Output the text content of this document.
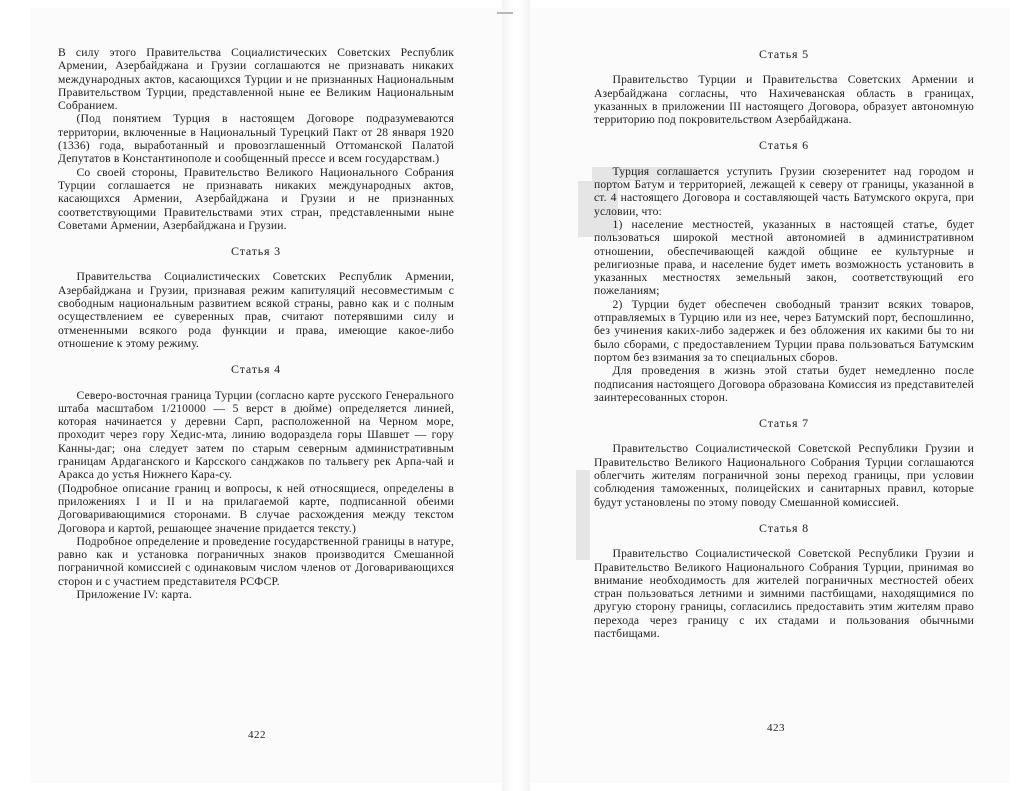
В силу этого Правительства Социалистических Советских Республик Армении, Азербайджана и Грузии соглашаются не признавать никаких международных актов, касающихся Турции и не признанных Национальным Правительством Турции, представленной ныне ее Великим Национальным Собранием.

(Под понятием Турция в настоящем Договоре подразумеваются территории, включенные в Национальный Турецкий Пакт от 28 января 1920 (1336) года, выработанный и провозглашенный Оттоманской Палатой Депутатов в Константинополе и сообщенный прессе и всем государствам.)

Со своей стороны, Правительство Великого Национального Собрания Турции соглашается не признавать никаких международных актов, касающихся Армении, Азербайджана и Грузии и не признанных соответствующими Правительствами этих стран, представленными ныне Советами Армении, Азербайджана и Грузии.

Статья 3

Правительства Социалистических Советских Республик Армении, Азербайджана и Грузии, признавая режим капитуляций несовместимым с свободным национальным развитием всякой страны, равно как и с полным осуществлением ее суверенных прав, считают потерявшими силу и отмененными всякого рода функции и права, имеющие какое-либо отношение к этому режиму.

Статья 4

Северо-восточная граница Турции (согласно карте русского Генерального штаба масштабом 1/210000 — 5 верст в дюйме) определяется линией, которая начинается у деревни Сарп, расположенной на Черном море, проходит через гору Хедис-мта, линию водораздела горы Шавшет — гору Канны-даг; она следует затем по старым северным административным границам Ардаганского и Карсского санджаков по тальвегу рек Арпа-чай и Аракса до устья Нижнего Кара-су.

(Подробное описание границ и вопросы, к ней относящиеся, определены в приложениях I и II и на прилагаемой карте, подписанной обеими Договаривающимися сторонами. В случае расхождения между текстом Договора и картой, решающее значение придается тексту.)

Подробное определение и проведение государственной границы в натуре, равно как и установка пограничных знаков производится Смешанной пограничной комиссией с одинаковым числом членов от Договаривающихся сторон и с участием представителя РСФСР.

Приложение IV: карта.

422

Статья 5

Правительство Турции и Правительства Советских Армении и Азербайджана согласны, что Нахичеванская область в границах, указанных в приложении III настоящего Договора, образует автономную территорию под покровительством Азербайджана.

Статья 6

Турция соглашается уступить Грузии сюзеренитет над городом и портом Батум и территорией, лежащей к северу от границы, указанной в ст. 4 настоящего Договора и составляющей часть Батумского округа, при условии, что:

1) население местностей, указанных в настоящей статье, будет пользоваться широкой местной автономией в административном отношении, обеспечивающей каждой общине ее культурные и религиозные права, и население будет иметь возможность установить в указанных местностях земельный закон, соответствующий его пожеланиям;

2) Турции будет обеспечен свободный транзит всяких товаров, отправляемых в Турцию или из нее, через Батумский порт, беспошлинно, без учинения каких-либо задержек и без обложения их какими бы то ни было сборами, с предоставлением Турции права пользоваться Батумским портом без взимания за то специальных сборов.

Для проведения в жизнь этой статьи будет немедленно после подписания настоящего Договора образована Комиссия из представителей заинтересованных сторон.

Статья 7

Правительство Социалистической Советской Республики Грузии и Правительство Великого Национального Собрания Турции соглашаются облегчить жителям пограничной зоны переход границы, при условии соблюдения таможенных, полицейских и санитарных правил, которые будут установлены по этому поводу Смешанной комиссией.

Статья 8

Правительство Социалистической Советской Республики Грузии и Правительство Великого Национального Собрания Турции, принимая во внимание необходимость для жителей пограничных местностей обеих стран пользоваться летними и зимними пастбищами, находящимися по другую сторону границы, согласились предоставить этим жителям право перехода через границу с их стадами и пользования обычными пастбищами.

423
